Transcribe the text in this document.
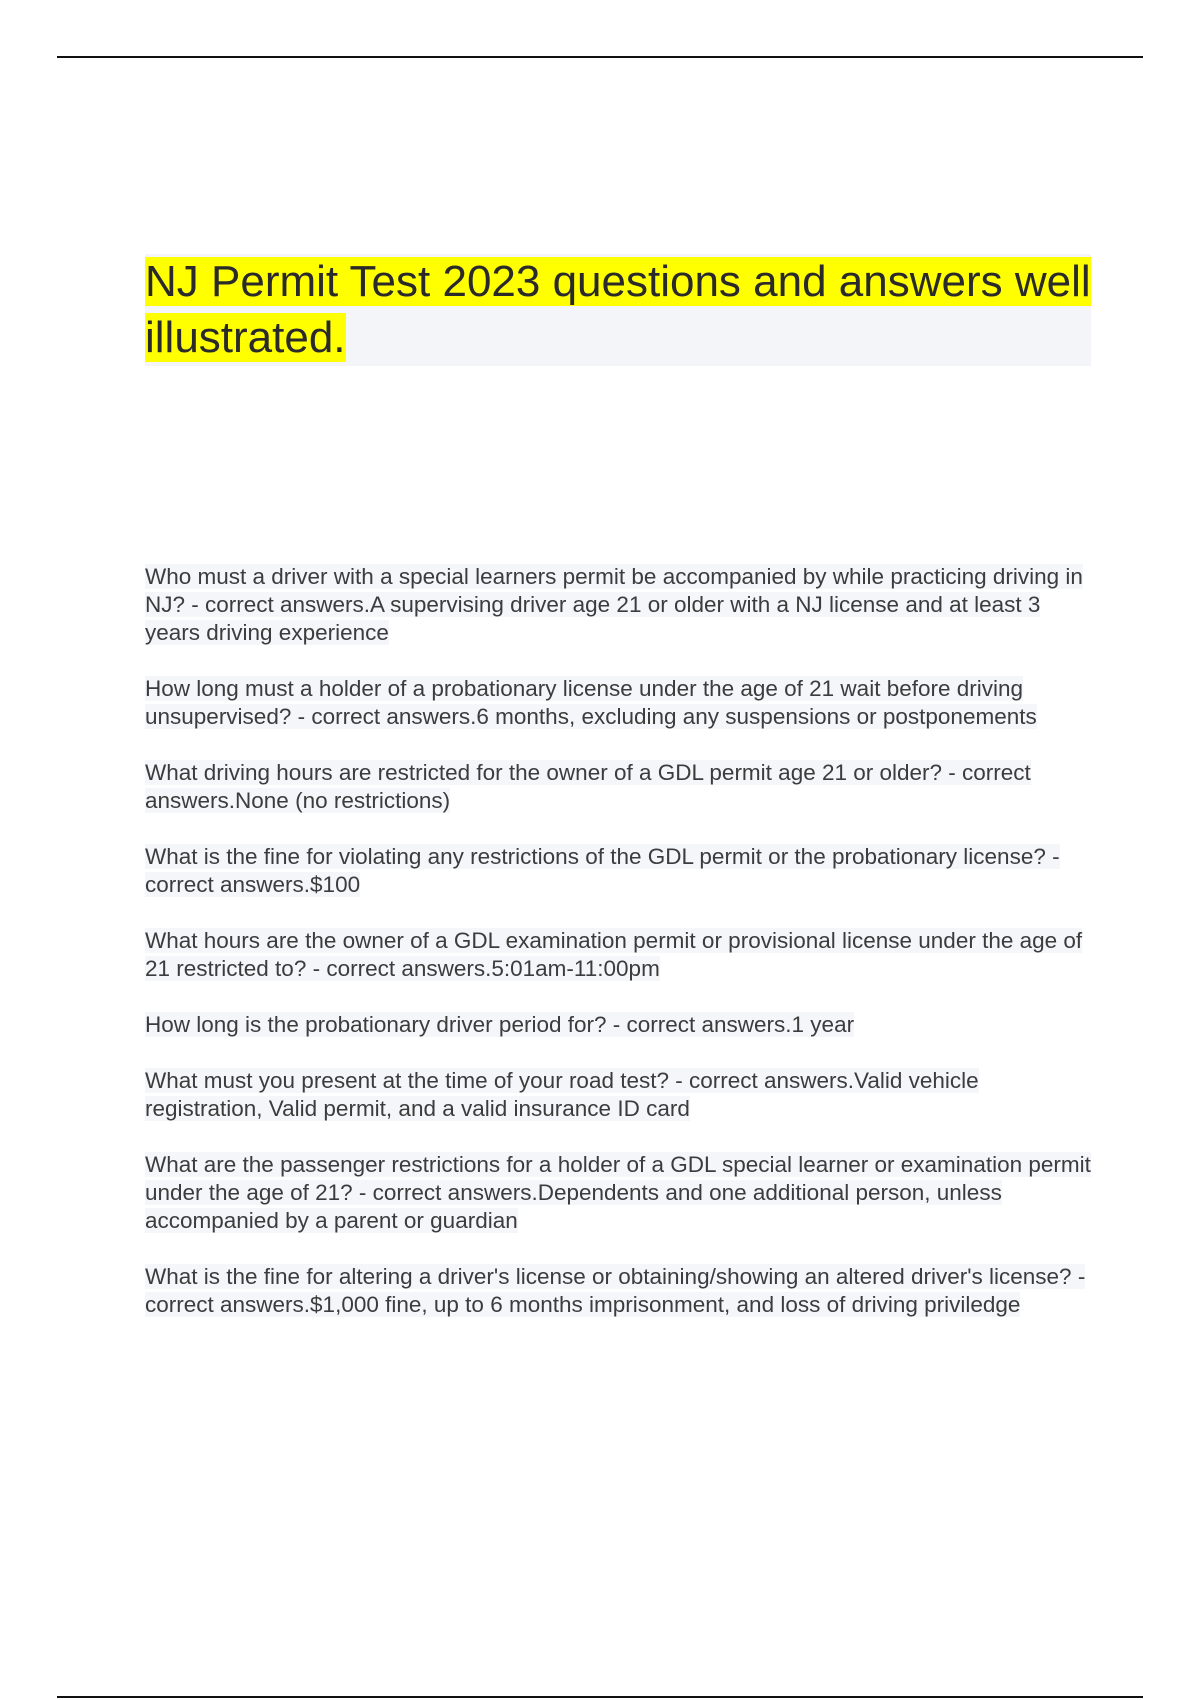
NJ Permit Test 2023 questions and answers well illustrated.

Who must a driver with a special learners permit be accompanied by while practicing driving in NJ? - correct answers.A supervising driver age 21 or older with a NJ license and at least 3 years driving experience

How long must a holder of a probationary license under the age of 21 wait before driving unsupervised? - correct answers.6 months, excluding any suspensions or postponements

What driving hours are restricted for the owner of a GDL permit age 21 or older? - correct answers.None (no restrictions)

What is the fine for violating any restrictions of the GDL permit or the probationary license? - correct answers.$100

What hours are the owner of a GDL examination permit or provisional license under the age of 21 restricted to? - correct answers.5:01am-11:00pm

How long is the probationary driver period for? - correct answers.1 year

What must you present at the time of your road test? - correct answers.Valid vehicle registration, Valid permit, and a valid insurance ID card

What are the passenger restrictions for a holder of a GDL special learner or examination permit under the age of 21? - correct answers.Dependents and one additional person, unless accompanied by a parent or guardian

What is the fine for altering a driver's license or obtaining/showing an altered driver's license? - correct answers.$1,000 fine, up to 6 months imprisonment, and loss of driving priviledge
